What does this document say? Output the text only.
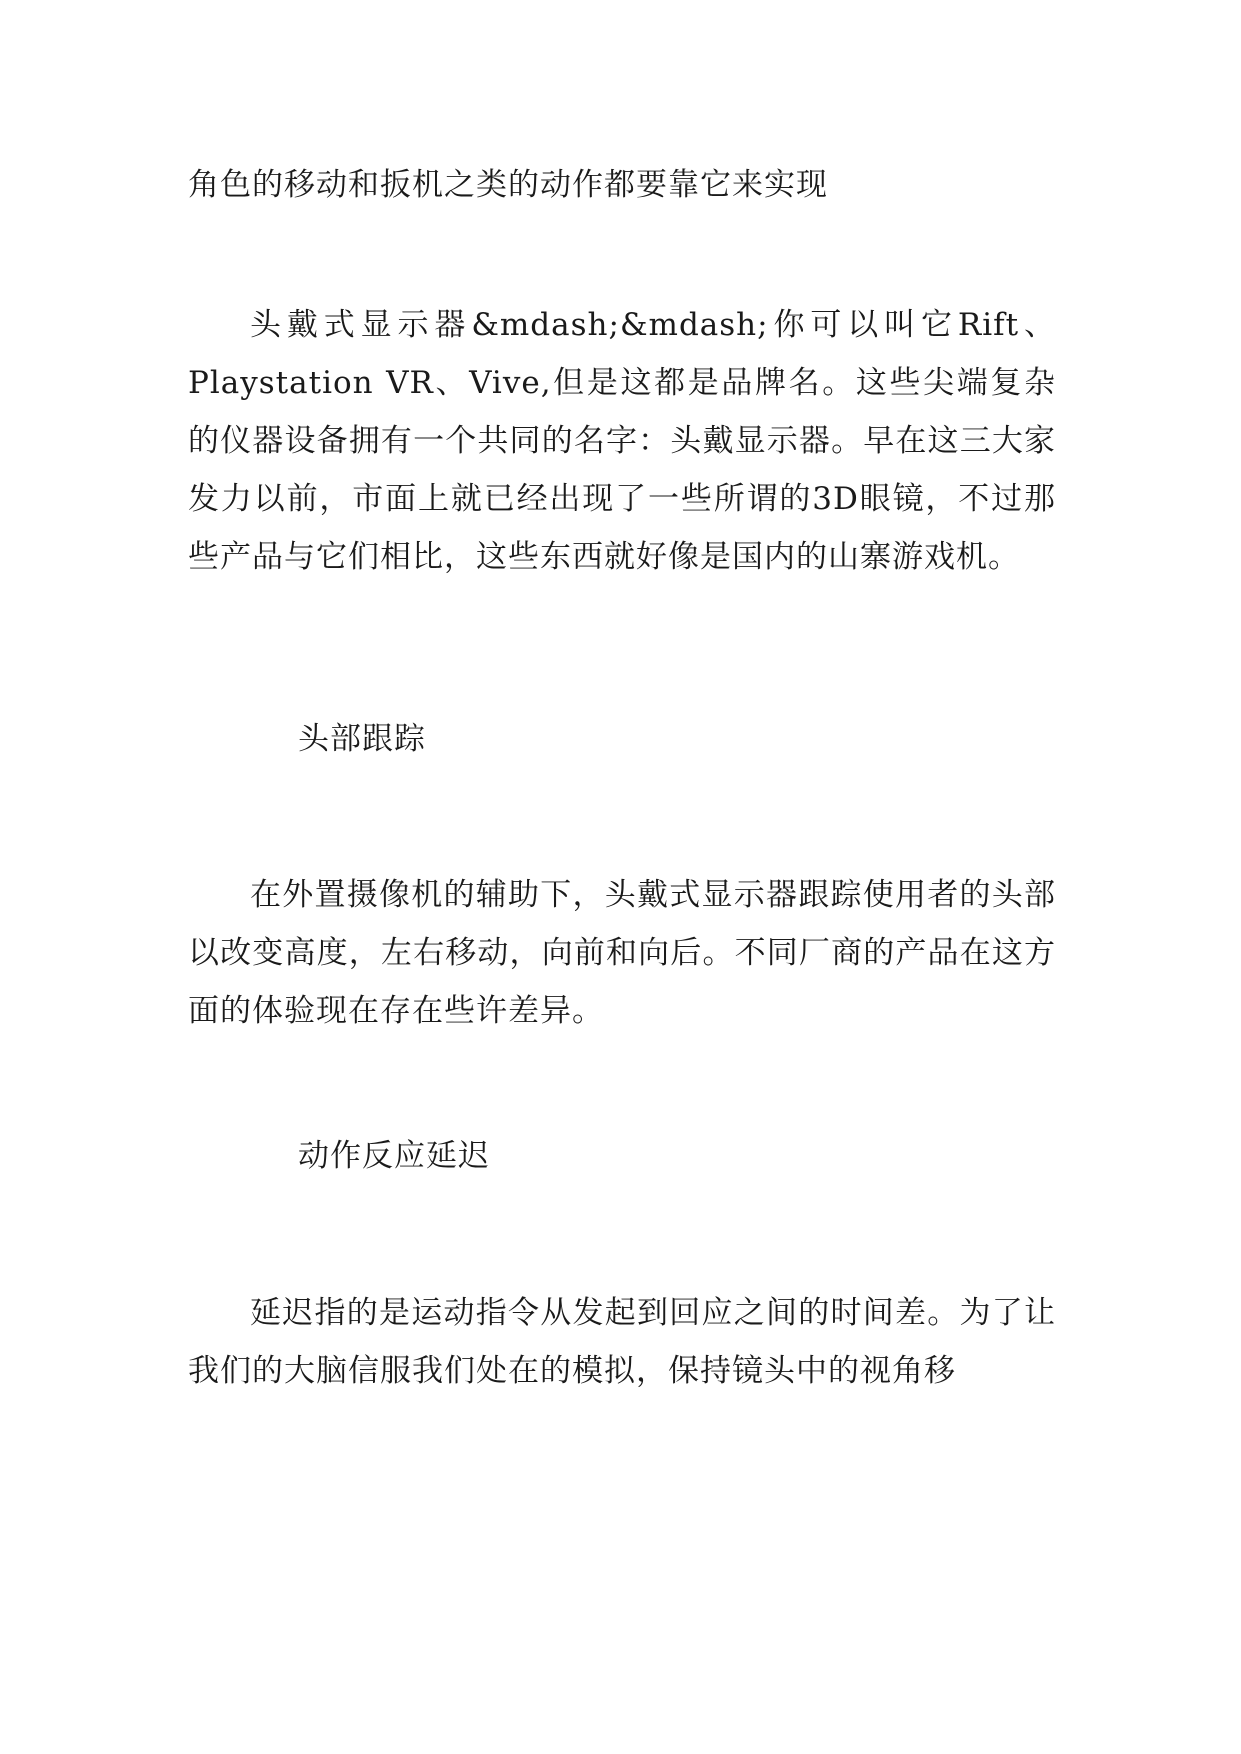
角色的移动和扳机之类的动作都要靠它来实现
头戴式显示器&mdash;&mdash;你可以叫它Rift、Playstation VR、Vive,但是这都是品牌名。这些尖端复杂的仪器设备拥有一个共同的名字：头戴显示器。早在这三大家发力以前，市面上就已经出现了一些所谓的3D眼镜，不过那些产品与它们相比，这些东西就好像是国内的山寨游戏机。
头部跟踪
在外置摄像机的辅助下，头戴式显示器跟踪使用者的头部以改变高度，左右移动，向前和向后。不同厂商的产品在这方面的体验现在存在些许差异。
动作反应延迟
延迟指的是运动指令从发起到回应之间的时间差。为了让我们的大脑信服我们处在的模拟，保持镜头中的视角移
